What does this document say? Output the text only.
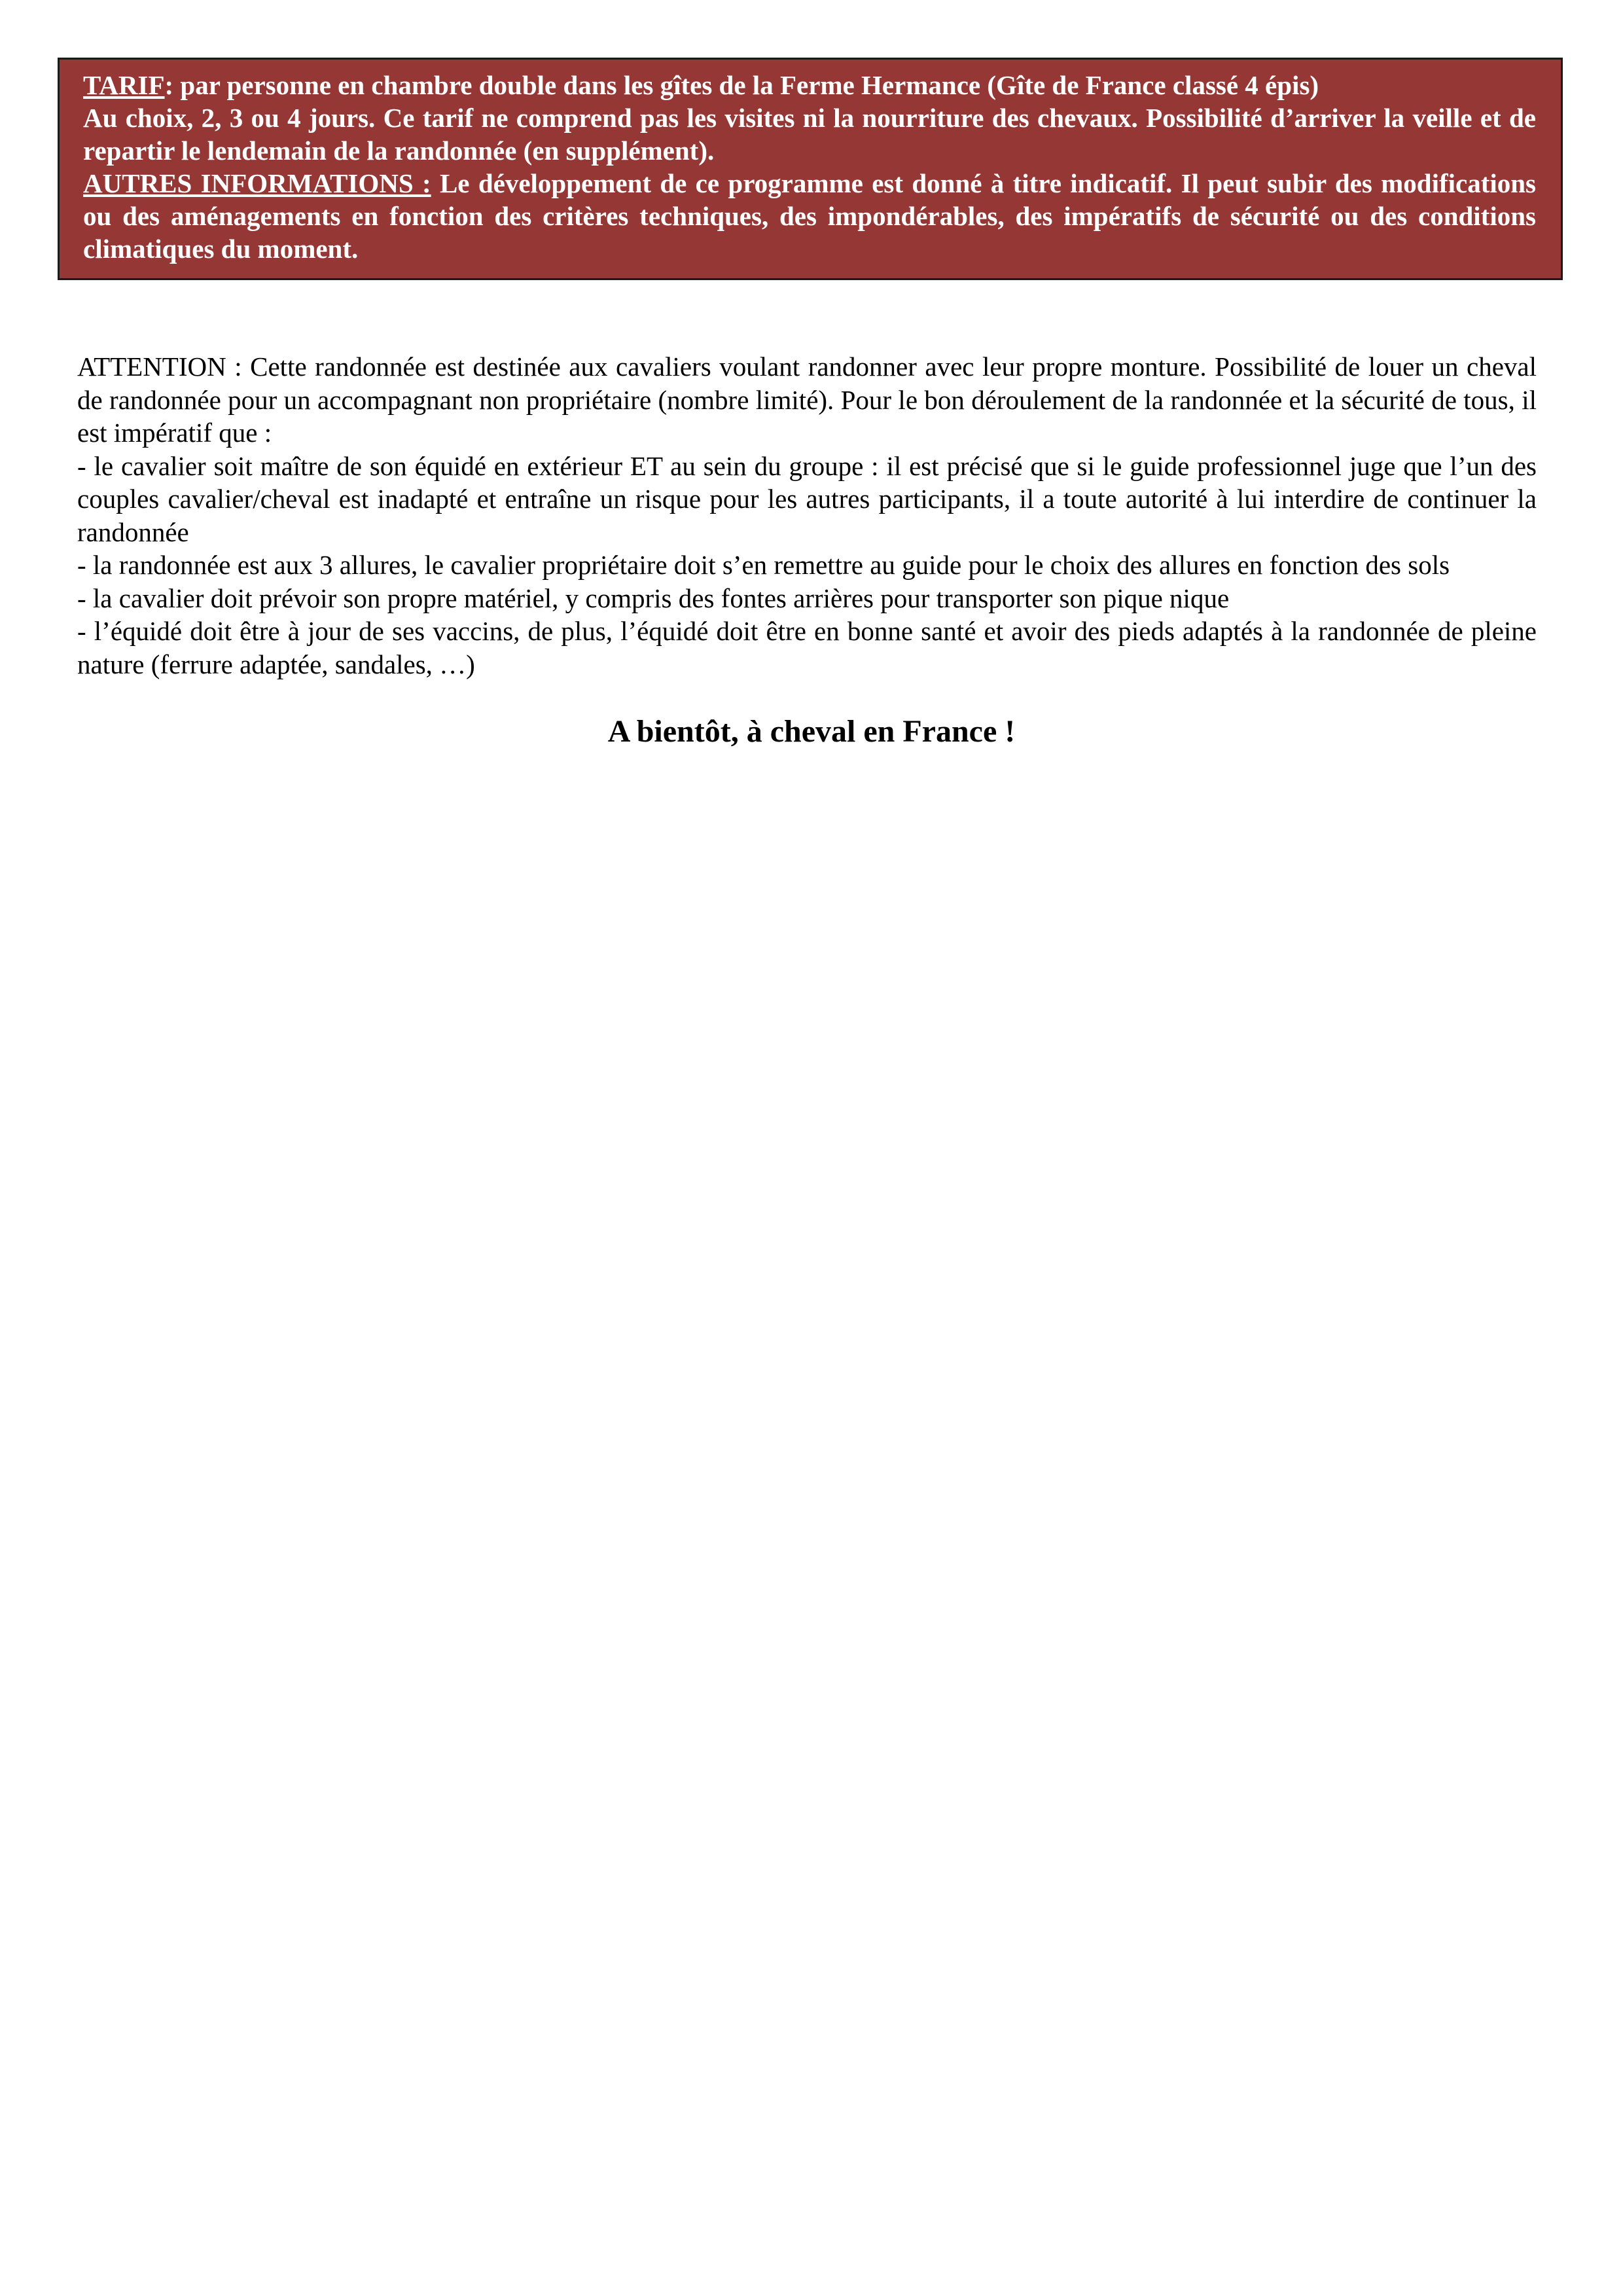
TARIF: par personne en chambre double dans les gîtes de la Ferme Hermance (Gîte de France classé 4 épis)

Au choix, 2, 3 ou 4 jours. Ce tarif ne comprend pas les visites ni la nourriture des chevaux. Possibilité d’arriver la veille et de repartir le lendemain de la randonnée (en supplément).

AUTRES INFORMATIONS : Le développement de ce programme est donné à titre indicatif. Il peut subir des modifications ou des aménagements en fonction des critères techniques, des impondérables, des impératifs de sécurité ou des conditions climatiques du moment.

ATTENTION : Cette randonnée est destinée aux cavaliers voulant randonner avec leur propre monture. Possibilité de louer un cheval de randonnée pour un accompagnant non propriétaire (nombre limité). Pour le bon déroulement de la randonnée et la sécurité de tous, il est impératif que :

- le cavalier soit maître de son équidé en extérieur ET au sein du groupe : il est précisé que si le guide professionnel juge que l’un des couples cavalier/cheval est inadapté et entraîne un risque pour les autres participants, il a toute autorité à lui interdire de continuer la randonnée

- la randonnée est aux 3 allures, le cavalier propriétaire doit s’en remettre au guide pour le choix des allures en fonction des sols

- la cavalier doit prévoir son propre matériel, y compris des fontes arrières pour transporter son pique nique

- l’équidé doit être à jour de ses vaccins, de plus, l’équidé doit être en bonne santé et avoir des pieds adaptés à la randonnée de pleine nature (ferrure adaptée, sandales, …)

A bientôt, à cheval en France !
